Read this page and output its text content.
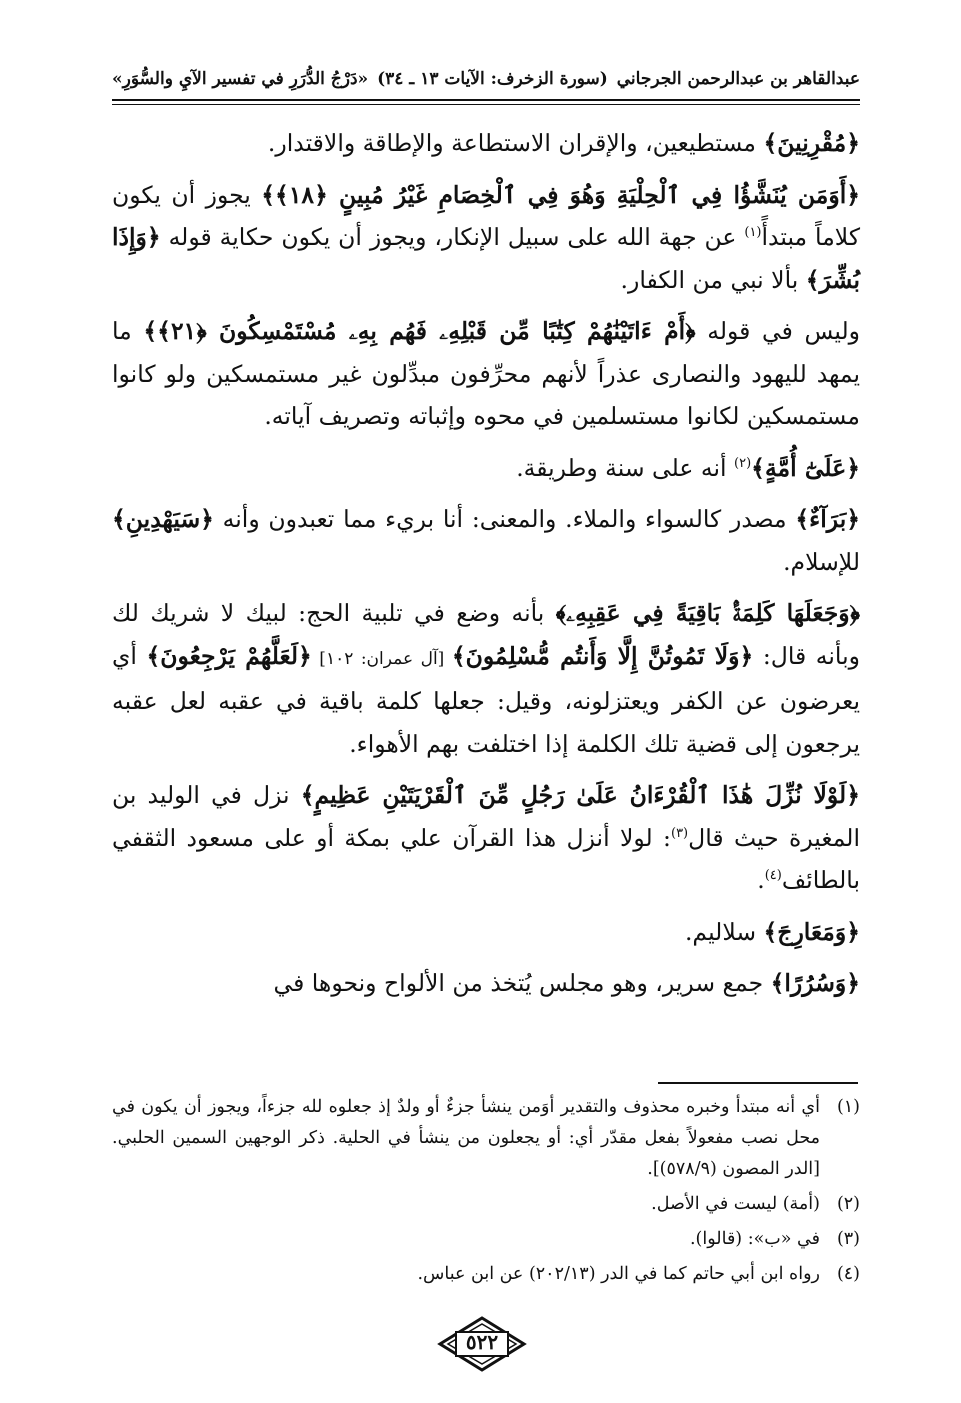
عبدالقاهر بن عبدالرحمن الجرجاني
(سورة الزخرف: الآيات ١٣ ـ ٣٤)
«دَرْجُ الدُّرَرِ في تفسير الآيِ والسُّوَرِ»

﴿مُقْرِنِينَ﴾ مستطيعين، والإقران الاستطاعة والإطاقة والاقتدار.

﴿أَوَمَن يُنَشَّؤُا فِي ٱلْحِلْيَةِ وَهُوَ فِي ٱلْخِصَامِ غَيْرُ مُبِينٍ ﴿١٨﴾﴾ يجوز أن يكون كلاماً مبتدأً$^{(١)}$ عن جهة الله على سبيل الإنكار، ويجوز أن يكون حكاية قوله ﴿وَإِذَا بُشِّرَ﴾ بألا نبي من الكفار.

وليس في قوله ﴿أَمْ ءَاتَيْنَٰهُمْ كِتَٰبًا مِّن قَبْلِهِۦ فَهُم بِهِۦ مُسْتَمْسِكُونَ ﴿٢١﴾﴾ ما يمهد لليهود والنصارى عذراً لأنهم محرِّفون مبدِّلون غير مستمسكين ولو كانوا مستمسكين لكانوا مستسلمين في محوه وإثباته وتصريف آياته.

﴿عَلَىٰٓ أُمَّةٍ﴾$^{(٢)}$ أنه على سنة وطريقة.

﴿بَرَآءٌ﴾ مصدر كالسواء والملاء. والمعنى: أنا بريء مما تعبدون وأنه ﴿سَيَهْدِينِ﴾ للإسلام.

﴿وَجَعَلَهَا كَلِمَةًۢ بَاقِيَةً فِي عَقِبِهِۦ﴾ بأنه وضع في تلبية الحج: لبيك لا شريك لك وبأنه قال: ﴿وَلَا تَمُوتُنَّ إِلَّا وَأَنتُم مُّسْلِمُونَ﴾ [آل عمران: ١٠٢] ﴿لَعَلَّهُمْ يَرْجِعُونَ﴾ أي يعرضون عن الكفر ويعتزلونه، وقيل: جعلها كلمة باقية في عقبه لعل عقبه يرجعون إلى قضية تلك الكلمة إذا اختلفت بهم الأهواء.

﴿لَوْلَا نُزِّلَ هَٰذَا ٱلْقُرْءَانُ عَلَىٰ رَجُلٍ مِّنَ ٱلْقَرْيَتَيْنِ عَظِيمٍ﴾ نزل في الوليد بن المغيرة حيث قال$^{(٣)}$: لولا أنزل هذا القرآن علي بمكة أو على مسعود الثقفي بالطائف$^{(٤)}$.

﴿وَمَعَارِجَ﴾ سلاليم.

﴿وَسُرُرًا﴾ جمع سرير، وهو مجلس يُتخذ من الألواح ونحوها في

(١)
أي أنه مبتدأ وخبره محذوف والتقدير أوَمن ينشأ جزءٌ أو ولدٌ إذ جعلوه لله جزءاً، ويجوز أن يكون في محل نصب مفعولاً بفعل مقدّر أي: أو يجعلون من ينشأ في الحلية. ذكر الوجهين السمين الحلبي. [الدر المصون (٥٧٨/٩)].
(٢)
(أمة) ليست في الأصل.
(٣)
في «ب»: (قالوا).
(٤)
رواه ابن أبي حاتم كما في الدر (٢٠٢/١٣) عن ابن عباس.
٥٢٢
